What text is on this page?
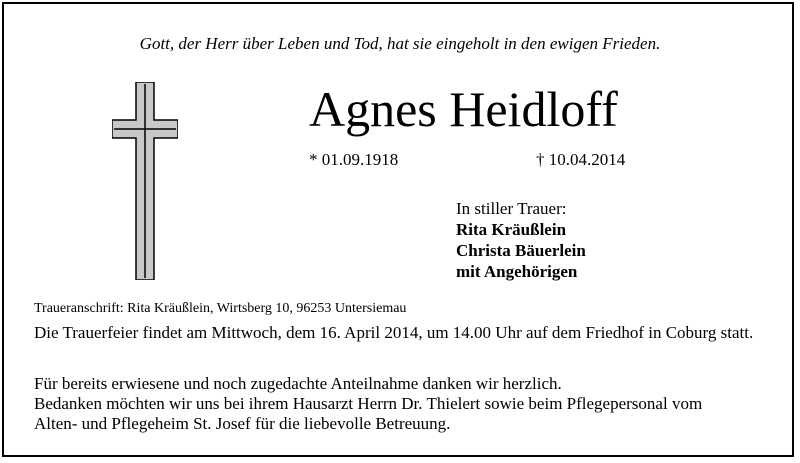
Gott, der Herr über Leben und Tod, hat sie eingeholt in den ewigen Frieden.
Agnes Heidloff
* 01.09.1918	† 10.04.2014
In stiller Trauer:
Rita Kräußlein
Christa Bäuerlein
mit Angehörigen
Traueranschrift: Rita Kräußlein, Wirtsberg 10, 96253 Untersiemau
Die Trauerfeier findet am Mittwoch, dem 16. April 2014, um 14.00 Uhr auf dem Friedhof in Coburg statt.
Für bereits erwiesene und noch zugedachte Anteilnahme danken wir herzlich.
Bedanken möchten wir uns bei ihrem Hausarzt Herrn Dr. Thielert sowie beim Pflegepersonal vom
Alten- und Pflegeheim St. Josef für die liebevolle Betreuung.
